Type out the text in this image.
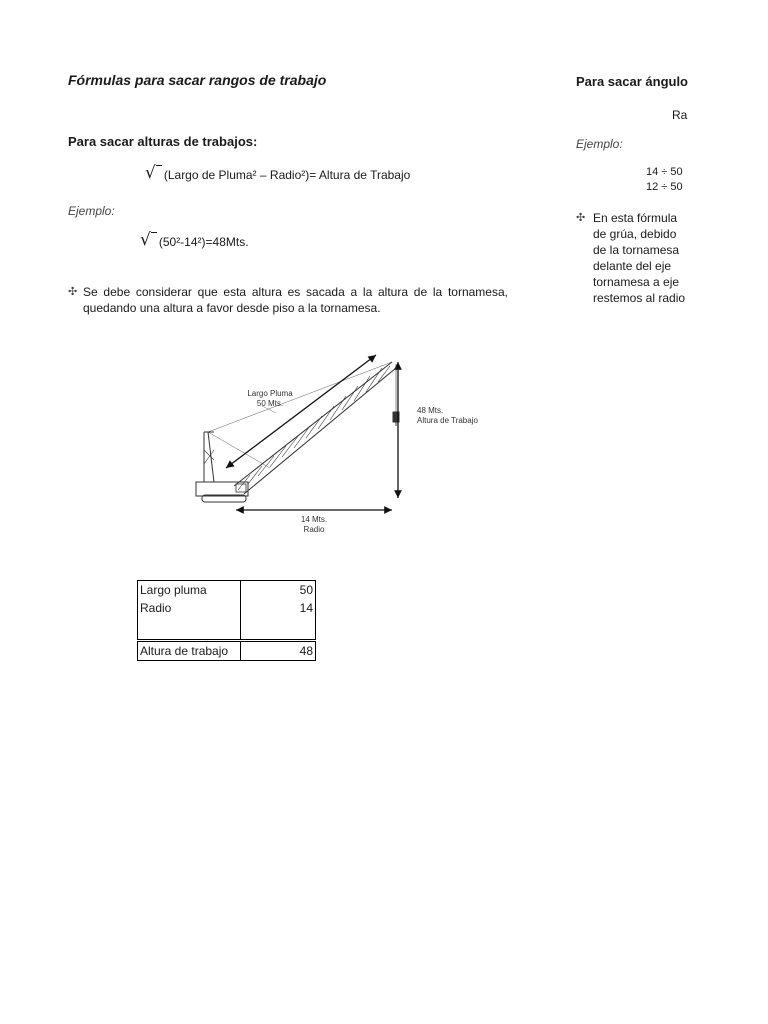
Fórmulas para sacar rangos de trabajo
Para sacar alturas de trabajos:
√ (Largo de Pluma² – Radio²)= Altura de Trabajo
Ejemplo:
√ (50²-14²)=48Mts.
✣ Se debe considerar que esta altura es sacada a la altura de la tornamesa, quedando una altura a favor desde piso a la tornamesa.
Para sacar ángulo
Ra
Ejemplo:
14 ÷ 50
12 ÷ 50
✣ En esta fórmula
de grúa, debido
de la tornamesa
delante del eje
tornamesa a eje
restemos al radio
Largo Pluma
50 Mts.
48 Mts.
Altura de Trabajo
14 Mts.
Radio
Largo pluma	50
Radio	14

Altura de trabajo	48
